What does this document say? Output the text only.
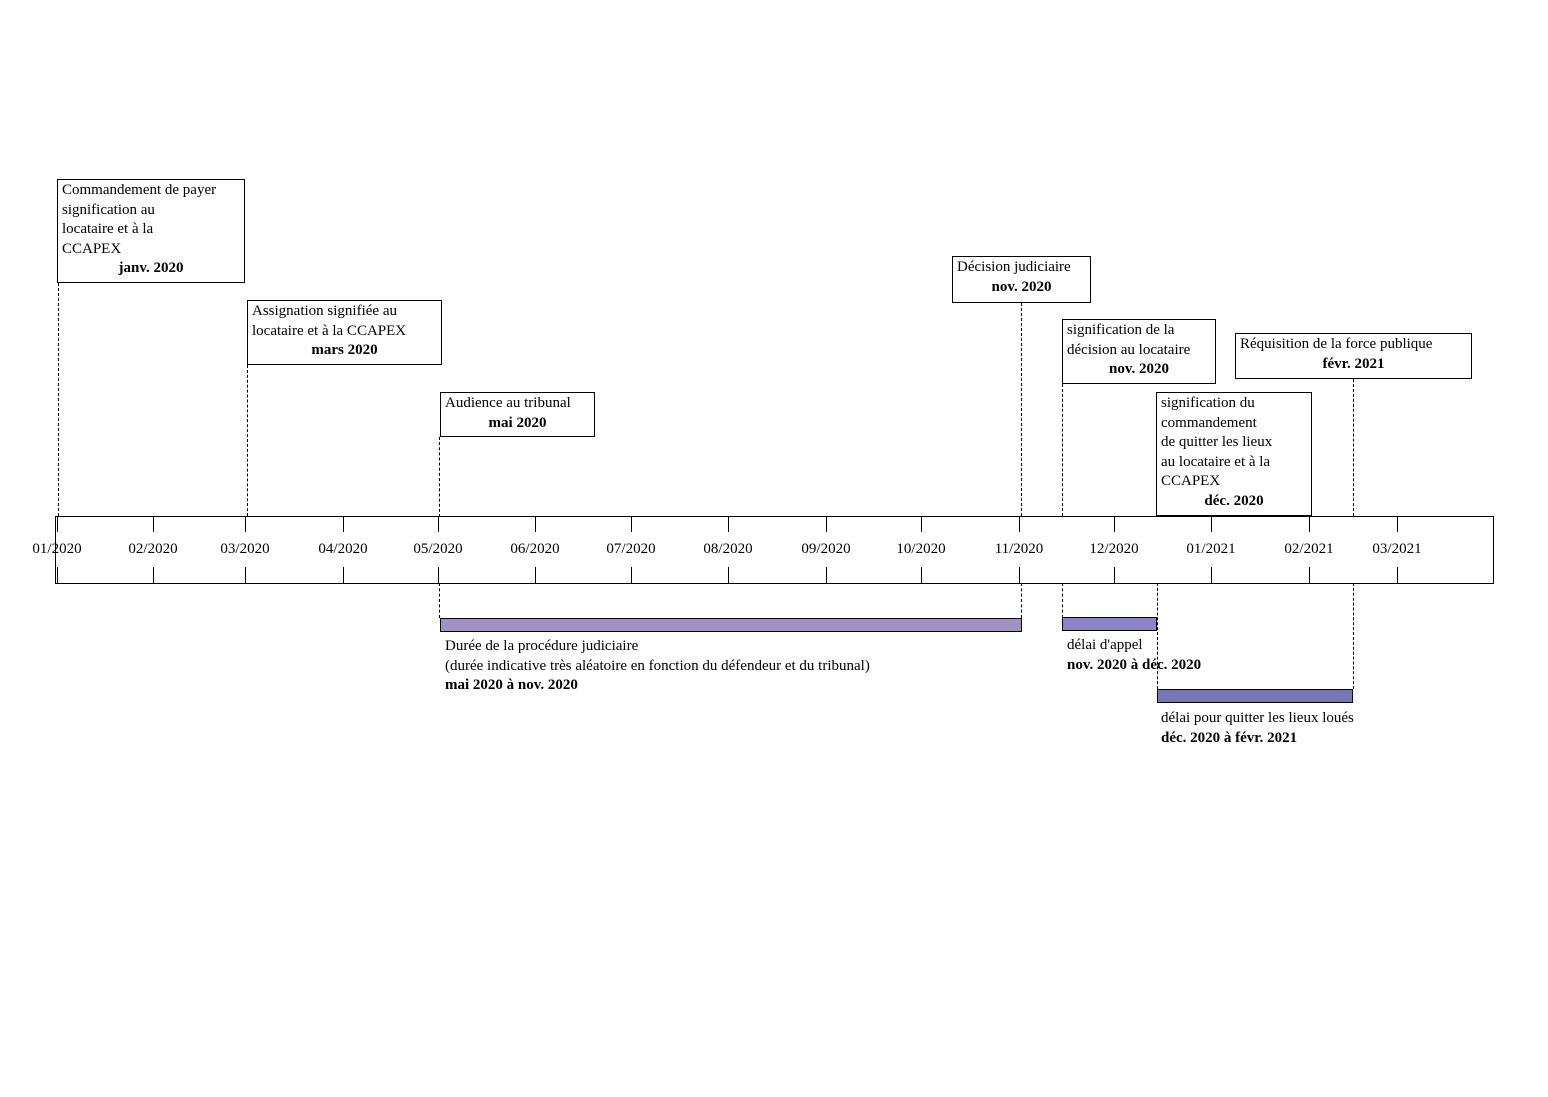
Commandement de payer
signification au
locataire et à la
CCAPEX
janv. 2020
Assignation signifiée au
locataire et à la CCAPEX
mars 2020
Audience au tribunal
mai 2020
Décision judiciaire
nov. 2020
signification de la
décision au locataire
nov. 2020
signification du
commandement
de quitter les lieux
au locataire et à la
CCAPEX
déc. 2020
Réquisition de la force publique
févr. 2021
01/2020	02/2020	03/2020	04/2020	05/2020	06/2020	07/2020	08/2020	09/2020	10/2020	11/2020	12/2020	01/2021	02/2021	03/2021
Durée de la procédure judiciaire
(durée indicative très aléatoire en fonction du défendeur et du tribunal)
mai 2020 à nov. 2020
délai d'appel
nov. 2020 à déc. 2020
délai pour quitter les lieux loués
déc. 2020 à févr. 2021
